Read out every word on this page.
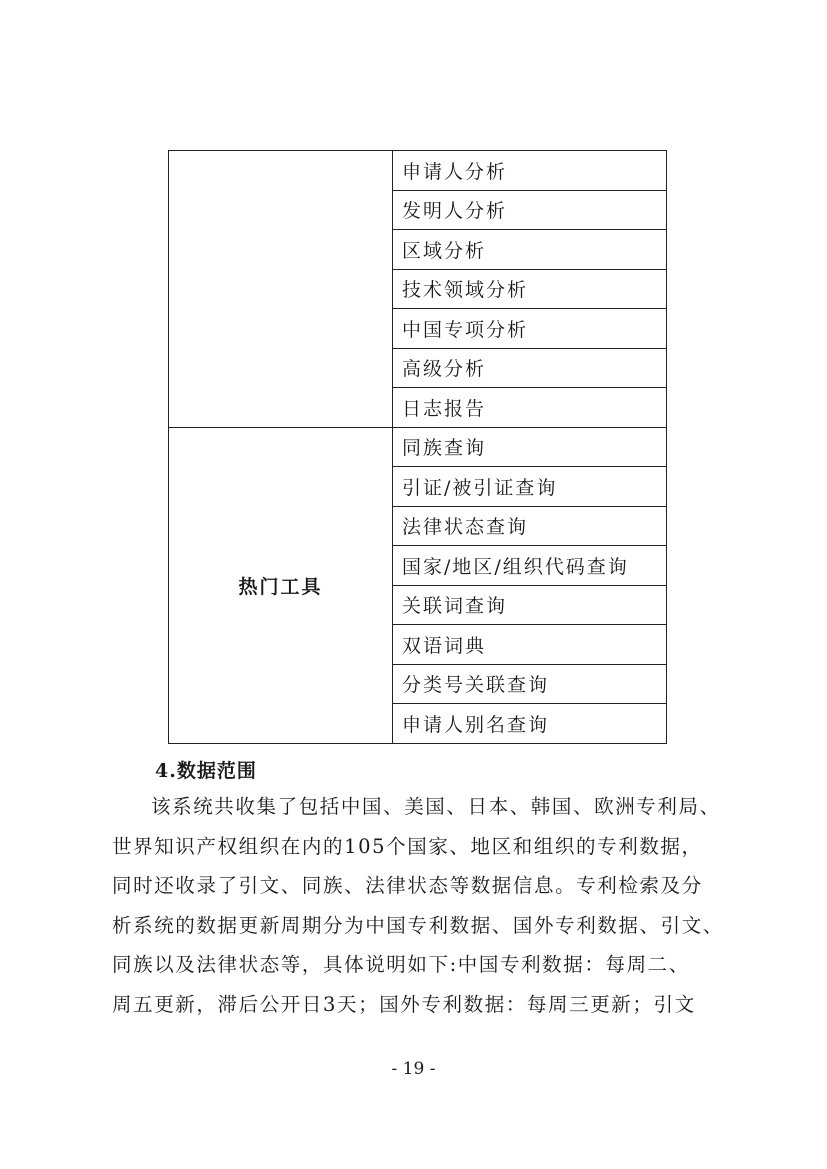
	申请人分析
	发明人分析
	区域分析
	技术领域分析
	中国专项分析
	高级分析
	日志报告
热门工具	同族查询
	引证/被引证查询
	法律状态查询
	国家/地区/组织代码查询
	关联词查询
	双语词典
	分类号关联查询
	申请人别名查询
4.数据范围

该系统共收集了包括中国、美国、日本、韩国、欧洲专利局、
世界知识产权组织在内的105个国家、地区和组织的专利数据，
同时还收录了引文、同族、法律状态等数据信息。专利检索及分
析系统的数据更新周期分为中国专利数据、国外专利数据、引文、
同族以及法律状态等，具体说明如下:中国专利数据：每周二、
周五更新，滞后公开日3天；国外专利数据：每周三更新；引文

- 19 -
